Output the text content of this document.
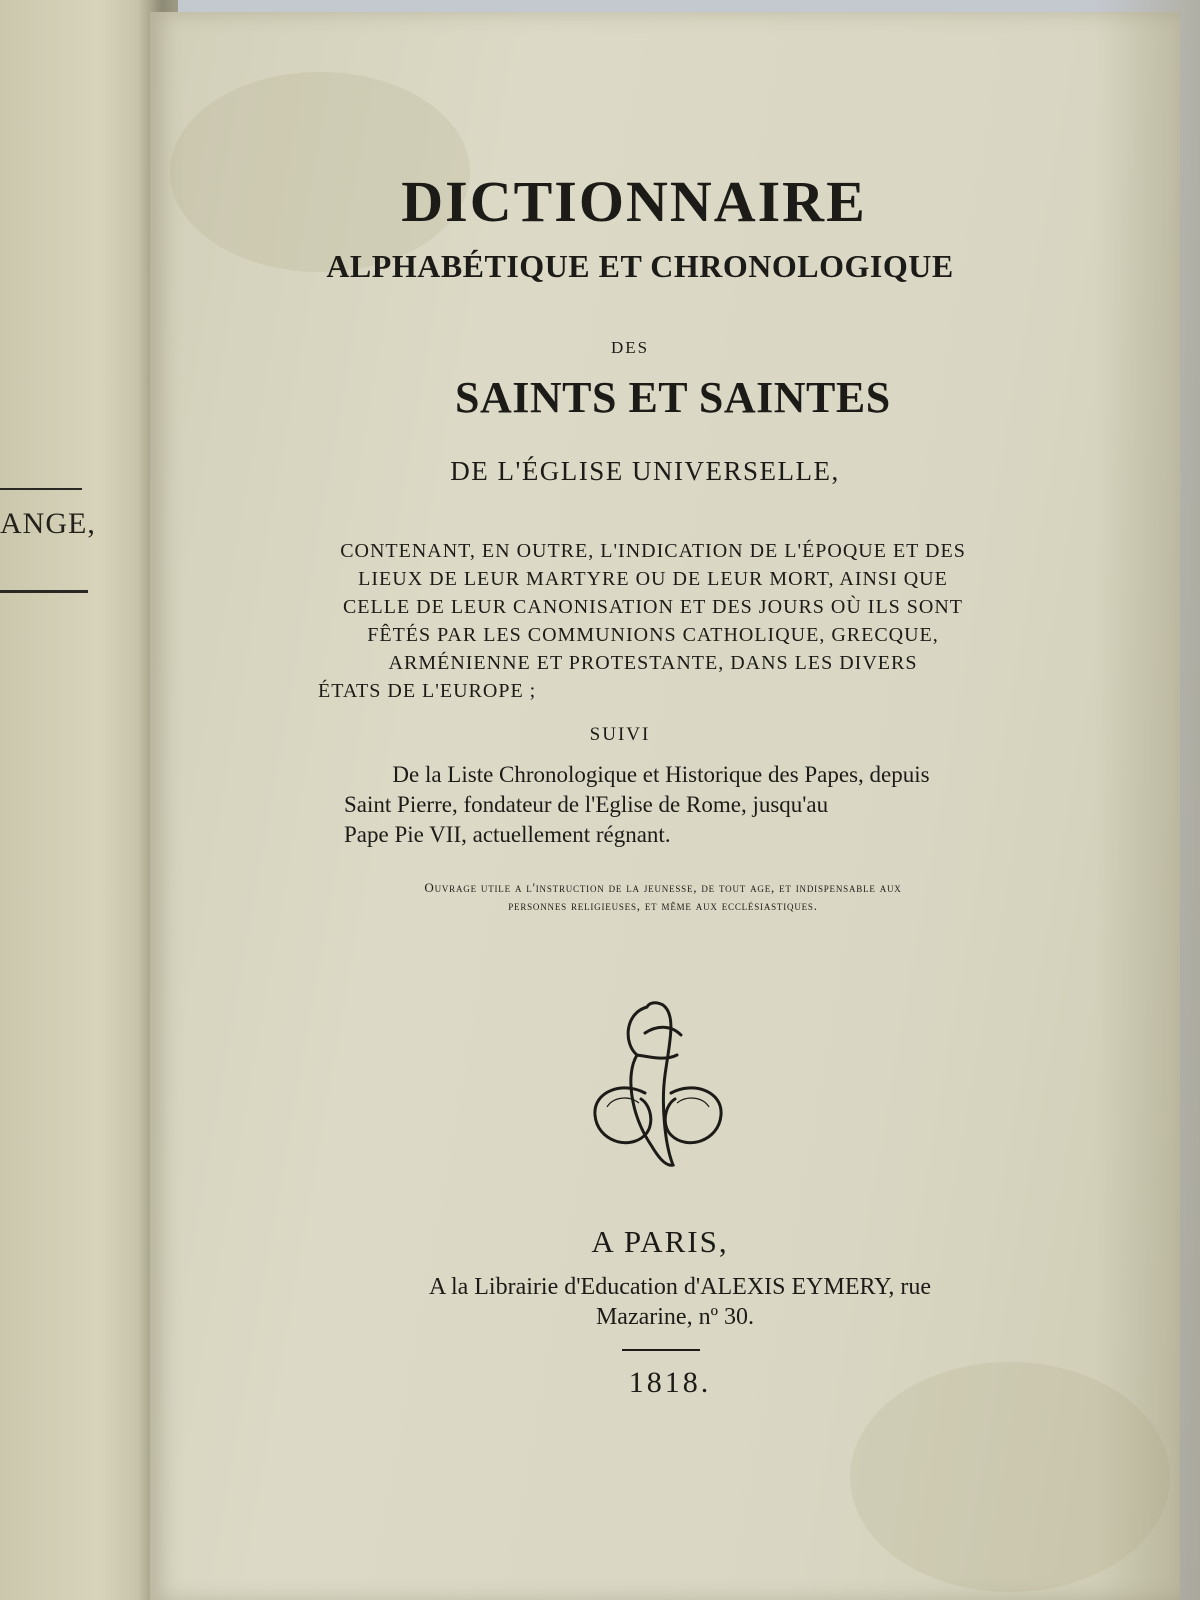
ANGE,
DICTIONNAIRE
ALPHABÉTIQUE ET CHRONOLOGIQUE
DES
SAINTS ET SAINTES
DE L'ÉGLISE UNIVERSELLE,
CONTENANT, EN OUTRE, L'INDICATION DE L'ÉPOQUE ET DES
LIEUX DE LEUR MARTYRE OU DE LEUR MORT, AINSI QUE
CELLE DE LEUR CANONISATION ET DES JOURS OÙ ILS SONT
FÊTÉS PAR LES COMMUNIONS CATHOLIQUE, GRECQUE,
ARMÉNIENNE ET PROTESTANTE, DANS LES DIVERS
ÉTATS DE L'EUROPE ;
SUIVI
De la Liste Chronologique et Historique des Papes, depuis
Saint Pierre, fondateur de l'Eglise de Rome, jusqu'au
Pape Pie VII, actuellement régnant.
Ouvrage utile a l'instruction de la jeunesse, de tout age, et indispensable aux
personnes religieuses, et même aux ecclésiastiques.
A PARIS,
A la Librairie d'Education d'ALEXIS EYMERY, rue
Mazarine, nº 30.
1818.
